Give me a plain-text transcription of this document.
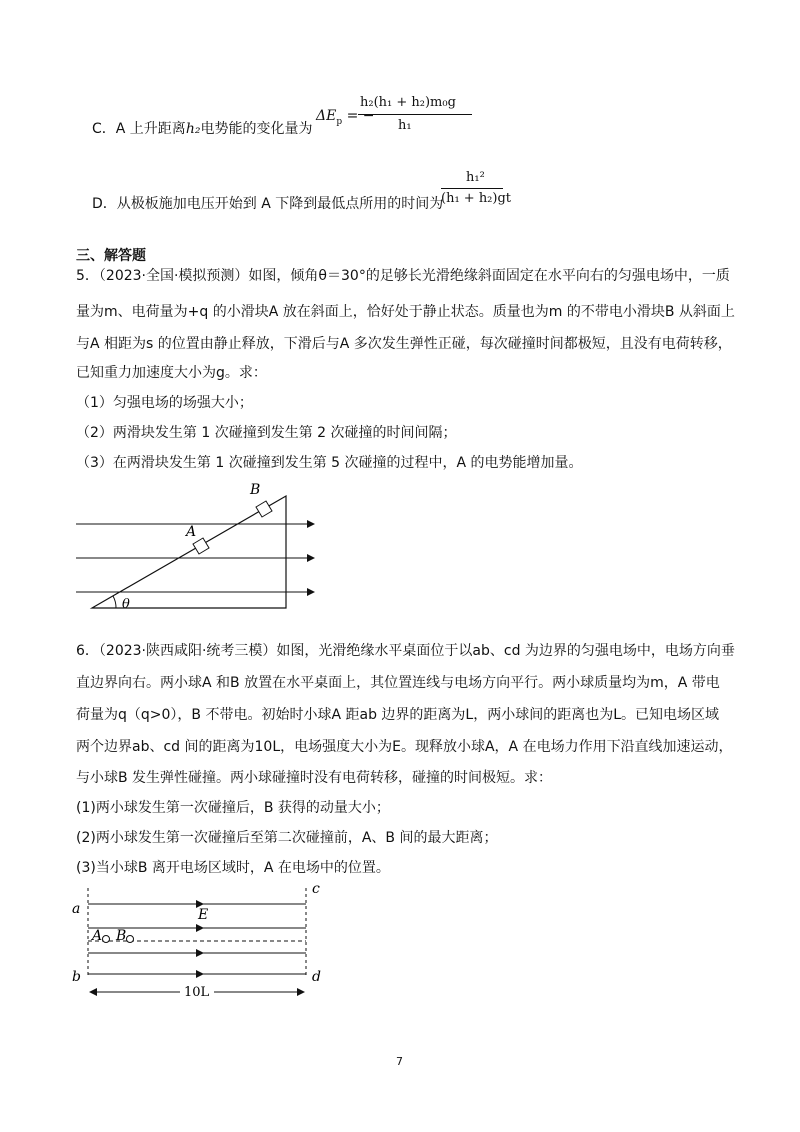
C．A 上升距离h₂电势能的变化量为
$\Delta E_p$ = −
h₂(h₁ + h₂)m₀g
h₁
D．从极板施加电压开始到 A 下降到最低点所用的时间为
h₁²
(h₁ + h₂)gt
三、解答题
5．（2023·全国·模拟预测）如图，倾角θ＝30°的足够长光滑绝缘斜面固定在水平向右的匀强电场中，一质
量为m、电荷量为+q 的小滑块A 放在斜面上，恰好处于静止状态。质量也为m 的不带电小滑块B 从斜面上
与A 相距为s 的位置由静止释放，下滑后与A 多次发生弹性正碰，每次碰撞时间都极短，且没有电荷转移，
已知重力加速度大小为g。求：
（1）匀强电场的场强大小；
（2）两滑块发生第 1 次碰撞到发生第 2 次碰撞的时间间隔；
（3）在两滑块发生第 1 次碰撞到发生第 5 次碰撞的过程中，A 的电势能增加量。
A
B
θ
6．（2023·陕西咸阳·统考三模）如图，光滑绝缘水平桌面位于以ab、cd 为边界的匀强电场中，电场方向垂
直边界向右。两小球A 和B 放置在水平桌面上，其位置连线与电场方向平行。两小球质量均为m，A 带电
荷量为q（q>0），B 不带电。初始时小球A 距ab 边界的距离为L，两小球间的距离也为L。已知电场区域
两个边界ab、cd 间的距离为10L，电场强度大小为E。现释放小球A，A 在电场力作用下沿直线加速运动，
与小球B 发生弹性碰撞。两小球碰撞时没有电荷转移，碰撞的时间极短。求：
(1)两小球发生第一次碰撞后，B 获得的动量大小；
(2)两小球发生第一次碰撞后至第二次碰撞前，A、B 间的最大距离；
(3)当小球B 离开电场区域时，A 在电场中的位置。
a
b
c
d
E
A B
10L
7
